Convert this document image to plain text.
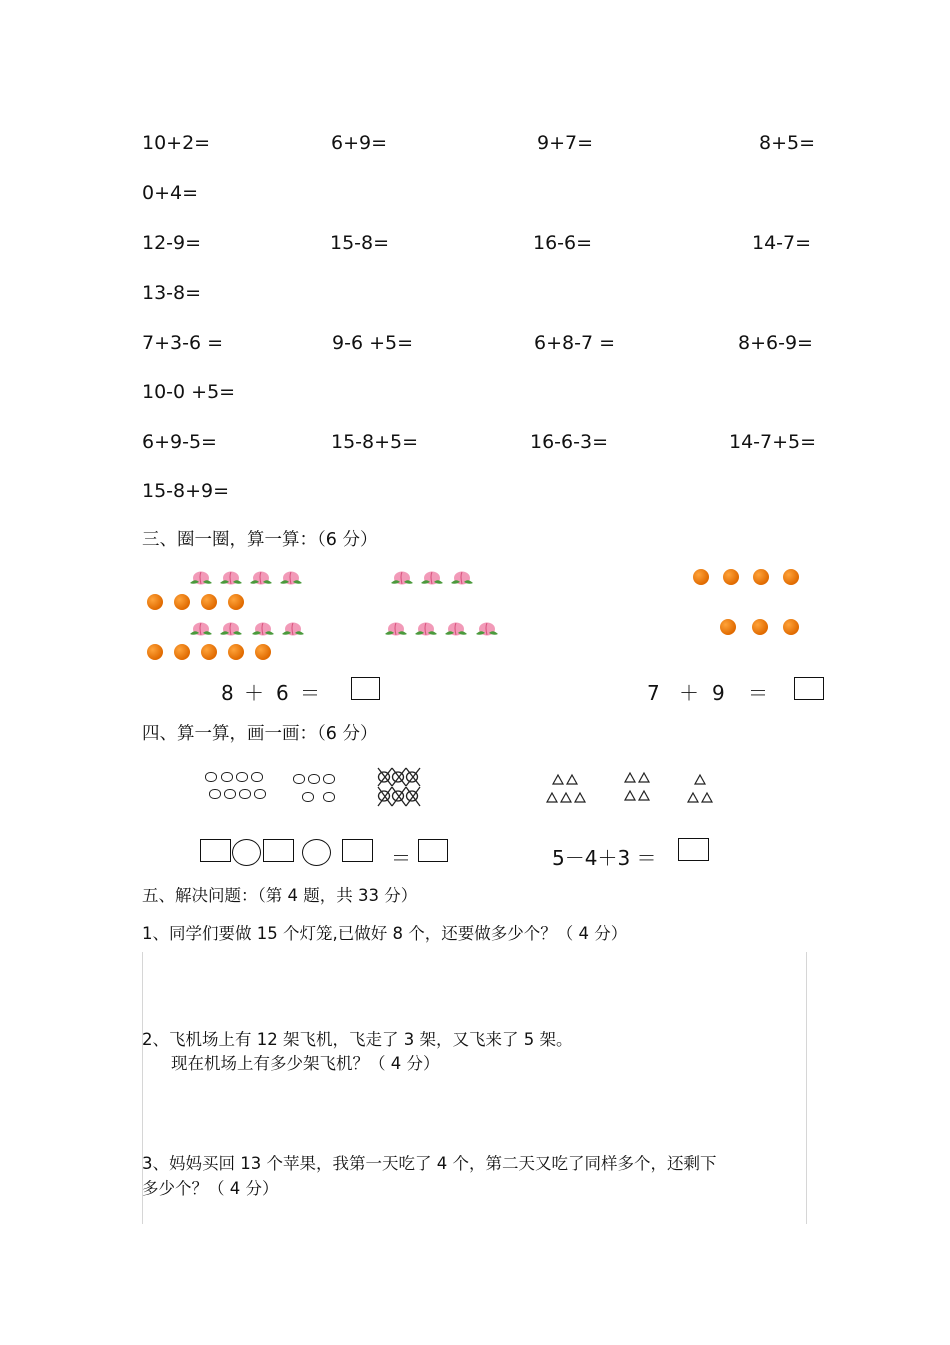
10+2=	6+9=	9+7=	8+5=
0+4=
12-9=	15-8=	16-6=	14-7=
13-8=
7+3-6 =	9-6 +5=	6+8-7 =	8+6-9=
10-0 +5=
6+9-5=	15-8+5=	16-6-3=	14-7+5=
15-8+9=
三、圈一圈，算一算：（6 分）
8 ＋ 6 ＝	7 ＋ 9 ＝
四、算一算，画一画：（6 分）
＝	5－4＋3 ＝
五、解决问题：（第 4 题，共 33 分）
1、同学们要做 15 个灯笼,已做好 8 个，还要做多少个？（ 4 分）
2、飞机场上有 12 架飞机，飞走了 3 架，又飞来了 5 架。
现在机场上有多少架飞机？（ 4 分）
3、妈妈买回 13 个苹果，我第一天吃了 4 个，第二天又吃了同样多个，还剩下
多少个？（ 4 分）
